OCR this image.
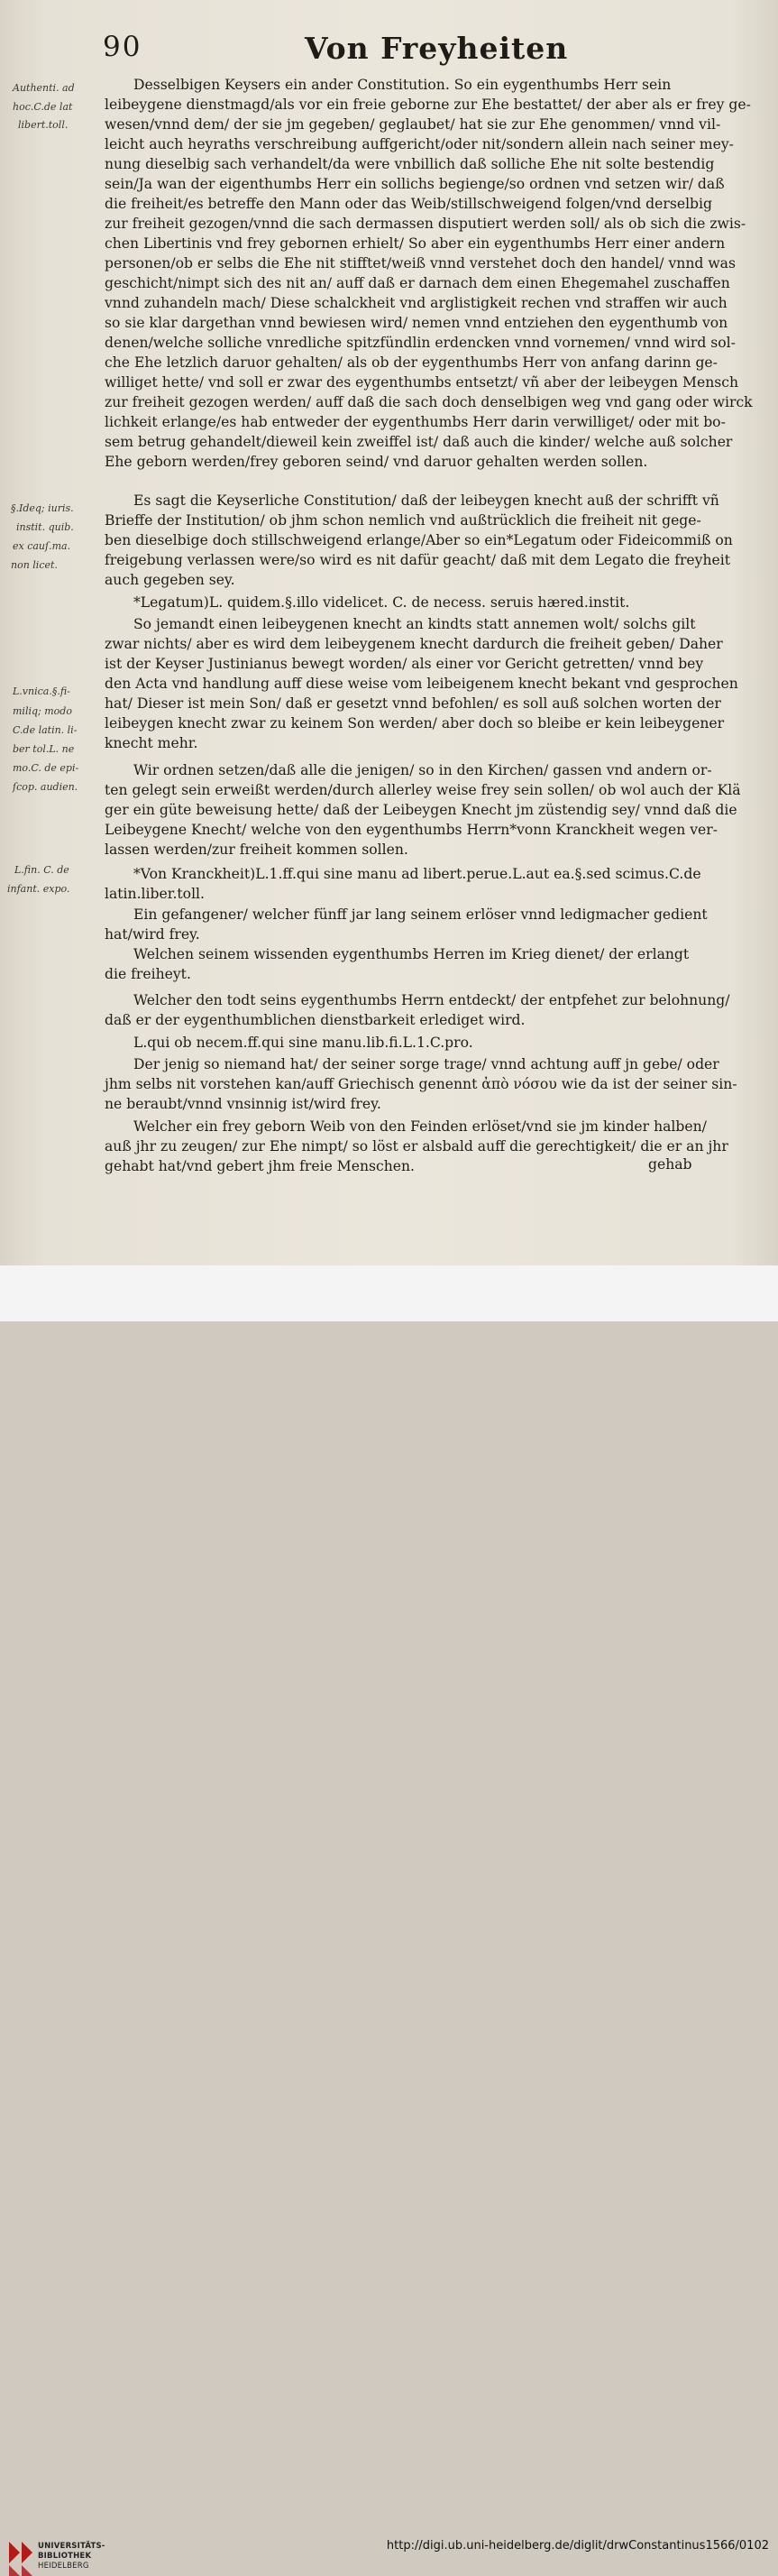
90	Von Freyheiten
Authenti. ad
hoc.C.de lat
libert.toll.
§.Ideq; iuris.
instit. quib.
ex cauſ.ma.
non licet.
L.vnica.§.fi-
miliq; modo
C.de latin. li-
ber tol.L. ne
mo.C. de epi-
ſcop. audien.
L.fin. C. de
infant. expo.
Desselbigen Keysers ein ander Constitution. So ein eygenthumbs Herr sein
leibeygene dienstmagd/als vor ein freie geborne zur Ehe bestattet/ der aber als er frey ge-
wesen/vnnd dem/ der sie jm gegeben/ geglaubet/ hat sie zur Ehe genommen/ vnnd vil-
leicht auch heyraths verschreibung auffgericht/oder nit/sondern allein nach seiner mey-
nung dieselbig sach verhandelt/da were vnbillich daß solliche Ehe nit solte bestendig
sein/Ja wan der eigenthumbs Herr ein sollichs begienge/so ordnen vnd setzen wir/ daß
die freiheit/es betreffe den Mann oder das Weib/stillschweigend folgen/vnd derselbig
zur freiheit gezogen/vnnd die sach dermassen disputiert werden soll/ als ob sich die zwis-
chen Libertinis vnd frey gebornen erhielt/ So aber ein eygenthumbs Herr einer andern
personen/ob er selbs die Ehe nit stifftet/weiß vnnd verstehet doch den handel/ vnnd was
geschicht/nimpt sich des nit an/ auff daß er darnach dem einen Ehegemahel zuschaffen
vnnd zuhandeln mach/ Diese schalckheit vnd arglistigkeit rechen vnd straffen wir auch
so sie klar dargethan vnnd bewiesen wird/ nemen vnnd entziehen den eygenthumb von
denen/welche solliche vnredliche spitzfündlin erdencken vnnd vornemen/ vnnd wird sol-
che Ehe letzlich daruor gehalten/ als ob der eygenthumbs Herr von anfang darinn ge-
williget hette/ vnd soll er zwar des eygenthumbs entsetzt/ vñ aber der leibeygen Mensch
zur freiheit gezogen werden/ auff daß die sach doch denselbigen weg vnd gang oder wirck
lichkeit erlange/es hab entweder der eygenthumbs Herr darin verwilliget/ oder mit bo-
sem betrug gehandelt/dieweil kein zweiffel ist/ daß auch die kinder/ welche auß solcher
Ehe geborn werden/frey geboren seind/ vnd daruor gehalten werden sollen.
Es sagt die Keyserliche Constitution/ daß der leibeygen knecht auß der schrifft vñ
Brieffe der Institution/ ob jhm schon nemlich vnd außtrücklich die freiheit nit gege-
ben dieselbige doch stillschweigend erlange/Aber so ein*Legatum oder Fideicommiß on
freigebung verlassen were/so wird es nit dafür geacht/ daß mit dem Legato die freyheit
auch gegeben sey.
*Legatum)L. quidem.§.illo videlicet. C. de necess. seruis hæred.instit.
So jemandt einen leibeygenen knecht an kindts statt annemen wolt/ solchs gilt
zwar nichts/ aber es wird dem leibeygenem knecht dardurch die freiheit geben/ Daher
ist der Keyser Justinianus bewegt worden/ als einer vor Gericht getretten/ vnnd bey
den Acta vnd handlung auff diese weise vom leibeigenem knecht bekant vnd gesprochen
hat/ Dieser ist mein Son/ daß er gesetzt vnnd befohlen/ es soll auß solchen worten der
leibeygen knecht zwar zu keinem Son werden/ aber doch so bleibe er kein leibeygener
knecht mehr.
Wir ordnen setzen/daß alle die jenigen/ so in den Kirchen/ gassen vnd andern or-
ten gelegt sein erweißt werden/durch allerley weise frey sein sollen/ ob wol auch der Klä
ger ein güte beweisung hette/ daß der Leibeygen Knecht jm züstendig sey/ vnnd daß die
Leibeygene Knecht/ welche von den eygenthumbs Herrn*vonn Kranckheit wegen ver-
lassen werden/zur freiheit kommen sollen.
*Von Kranckheit)L.1.ff.qui sine manu ad libert.perue.L.aut ea.§.sed scimus.C.de
latin.liber.toll.
Ein gefangener/ welcher fünff jar lang seinem erlöser vnnd ledigmacher gedient
hat/wird frey.
Welchen seinem wissenden eygenthumbs Herren im Krieg dienet/ der erlangt
die freiheyt.
Welcher den todt seins eygenthumbs Herrn entdeckt/ der entpfehet zur belohnung/
daß er der eygenthumblichen dienstbarkeit erlediget wird.
L.qui ob necem.ff.qui sine manu.lib.fi.L.1.C.pro.
Der jenig so niemand hat/ der seiner sorge trage/ vnnd achtung auff jn gebe/ oder
jhm selbs nit vorstehen kan/auff Griechisch genennt ἀπὸ νόσου wie da ist der seiner sin-
ne beraubt/vnnd vnsinnig ist/wird frey.
Welcher ein frey geborn Weib von den Feinden erlöset/vnd sie jm kinder halben/
auß jhr zu zeugen/ zur Ehe nimpt/ so löst er alsbald auff die gerechtigkeit/ die er an jhr
gehabt hat/vnd gebert jhm freie Menschen.	gehab
UNIVERSITÄTS-
BIBLIOTHEK
HEIDELBERG
http://digi.ub.uni-heidelberg.de/diglit/drwConstantinus1566/0102
